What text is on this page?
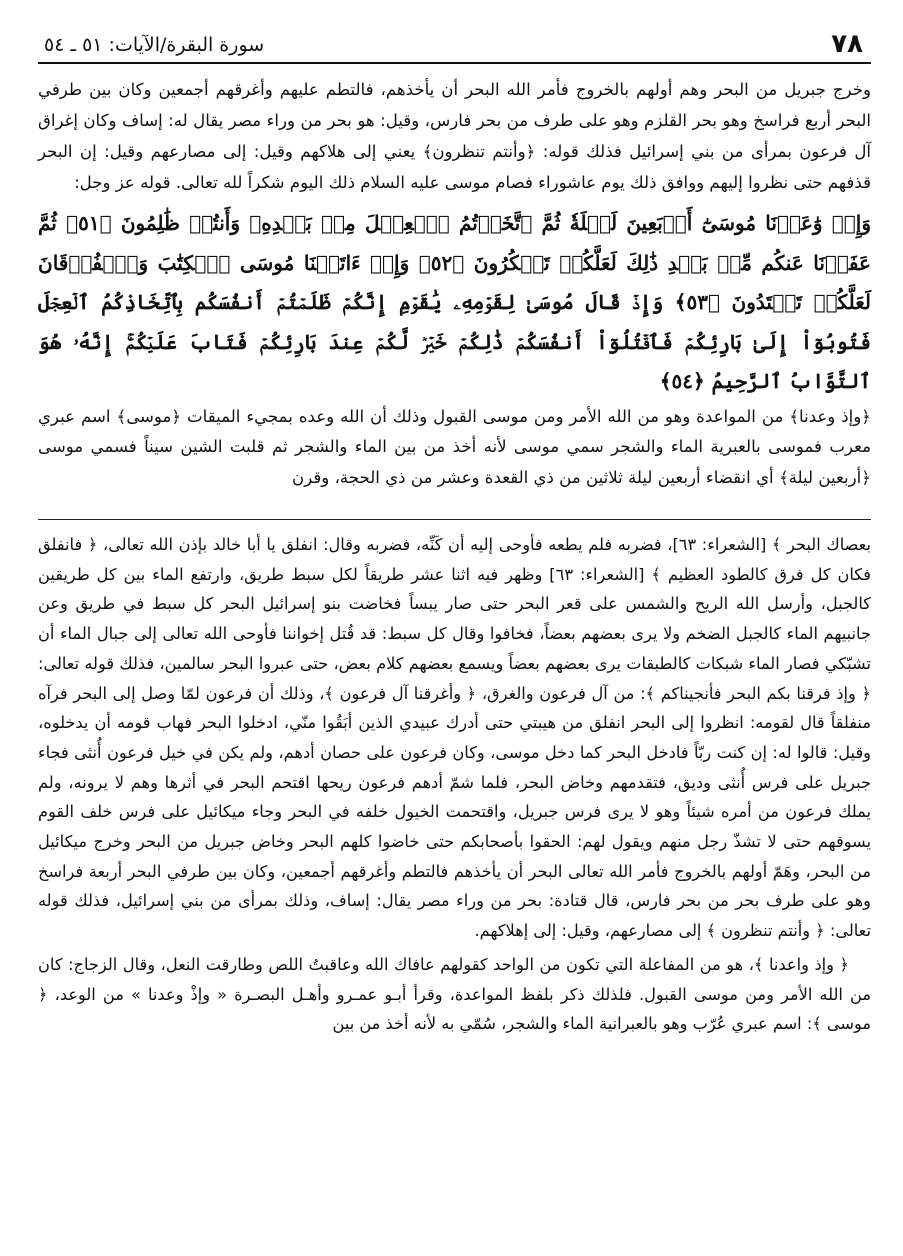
٧٨
سورة البقرة/الآيات: ٥١ ـ ٥٤

وخرج جبريل من البحر وهم أولهم بالخروج فأمر الله البحر أن يأخذهم، فالتطم عليهم وأغرقهم أجمعين وكان بين طرفي البحر أربع فراسخ وهو بحر القلزم وهو على طرف من بحر فارس، وقيل: هو بحر من وراء مصر يقال له: إساف وكان إغراق آل فرعون بمرأى من بني إسرائيل فذلك قوله: ﴿وأنتم تنظرون﴾ يعني إلى هلاكهم وقيل: إلى مصارعهم وقيل: إن البحر قذفهم حتى نظروا إليهم ووافق ذلك يوم عاشوراء فصام موسى عليه السلام ذلك اليوم شكراً لله تعالى. قوله عز وجل:

وَإِذۡ وَٰعَدۡنَا مُوسَىٰٓ أَرۡبَعِينَ لَيۡلَةٗ ثُمَّ ٱتَّخَذۡتُمُ ٱلۡعِجۡلَ مِنۢ بَعۡدِهِۦ وَأَنتُمۡ ظَٰلِمُونَ ﴿٥١﴾ ثُمَّ عَفَوۡنَا عَنكُم مِّنۢ بَعۡدِ ذَٰلِكَ لَعَلَّكُمۡ تَشۡكُرُونَ ﴿٥٢﴾ وَإِذۡ ءَاتَيۡنَا مُوسَى ٱلۡكِتَٰبَ وَٱلۡفُرۡقَانَ لَعَلَّكُمۡ تَهۡتَدُونَ ﴿٥٣﴾ وَإِذۡ قَالَ مُوسَىٰ لِقَوۡمِهِۦ يَٰقَوۡمِ إِنَّكُمۡ ظَلَمۡتُمۡ أَنفُسَكُم بِٱتِّخَاذِكُمُ ٱلۡعِجۡلَ فَتُوبُوٓاْ إِلَىٰ بَارِئِكُمۡ فَٱقۡتُلُوٓاْ أَنفُسَكُمۡ ذَٰلِكُمۡ خَيۡرٞ لَّكُمۡ عِندَ بَارِئِكُمۡ فَتَابَ عَلَيۡكُمۡۚ إِنَّهُۥ هُوَ ٱلتَّوَّابُ ٱلرَّحِيمُ ﴿٥٤﴾

﴿وإذ وعدنا﴾ من المواعدة وهو من الله الأمر ومن موسى القبول وذلك أن الله وعده بمجيء الميقات ﴿موسى﴾ اسم عبري معرب فموسى بالعبرية الماء والشجر سمي موسى لأنه أخذ من بين الماء والشجر ثم قلبت الشين سيناً فسمي موسى ﴿أربعين ليلة﴾ أي انقضاء أربعين ليلة ثلاثين من ذي القعدة وعشر من ذي الحجة، وقرن

بعصاك البحر ﴾ [الشعراء: ٦٣]، فضربه فلم يطعه فأوحى إليه أن كَنِّه، فضربه وقال: انفلق يا أبا خالد بإذن الله تعالى، ﴿ فانفلق فكان كل فرق كالطود العظيم ﴾ [الشعراء: ٦٣] وظهر فيه اثنا عشر طريقاً لكل سبط طريق، وارتفع الماء بين كل طريقين كالجبل، وأرسل الله الريح والشمس على قعر البحر حتى صار يبساً فخاضت بنو إسرائيل البحر كل سبط في طريق وعن جانبيهم الماء كالجبل الضخم ولا يرى بعضهم بعضاً، فخافوا وقال كل سبط: قد قُتل إخواننا فأوحى الله تعالى إلى جبال الماء أن تشبّكي فصار الماء شبكات كالطبقات يرى بعضهم بعضاً ويسمع بعضهم كلام بعض، حتى عبروا البحر سالمين، فذلك قوله تعالى: ﴿ وإذ فرقنا بكم البحر فأنجيناكم ﴾: من آل فرعون والغرق، ﴿ وأغرقنا آل فرعون ﴾، وذلك أن فرعون لمّا وصل إلى البحر فرآه منفلقاً قال لقومه: انظروا إلى البحر انفلق من هيبتي حتى أدرك عبيدي الذين أبَقُوا منّي، ادخلوا البحر فهاب قومه أن يدخلوه، وقيل: قالوا له: إن كنت ربّاً فادخل البحر كما دخل موسى، وكان فرعون على حصان أدهم، ولم يكن في خيل فرعون أُنثى فجاء جبريل على فرس أُنثى وديق، فتقدمهم وخاض البحر، فلما شمّ أدهم فرعون ريحها اقتحم البحر في أثرها وهم لا يرونه، ولم يملك فرعون من أمره شيئاً وهو لا يرى فرس جبريل، واقتحمت الخيول خلفه في البحر وجاء ميكائيل على فرس خلف القوم يسوقهم حتى لا تشذّ رجل منهم ويقول لهم: الحقوا بأصحابكم حتى خاضوا كلهم البحر وخاض جبريل من البحر وخرج ميكائيل من البحر، وهَمّ أولهم بالخروج فأمر الله تعالى البحر أن يأخذهم فالتطم وأغرقهم أجمعين، وكان بين طرفي البحر أربعة فراسخ وهو على طرف بحر من بحر فارس، قال قتادة: بحر من وراء مصر يقال: إساف، وذلك بمرأى من بني إسرائيل، فذلك قوله تعالى: ﴿ وأنتم تنظرون ﴾ إلى مصارعهم، وقيل: إلى إهلاكهم.

﴿ وإذ واعدنا ﴾، هو من المفاعلة التي تكون من الواحد كقولهم عافاك الله وعاقبتُ اللص وطارقت النعل، وقال الزجاج: كان من الله الأمر ومن موسى القبول. فلذلك ذكر بلفظ المواعدة، وقرأ أبـو عمـرو وأهـل البصـرة « وإذْ وعدنا » من الوعد، ﴿ موسى ﴾: اسم عبري عُرّب وهو بالعبرانية الماء والشجر، سُمّي به لأنه أخذ من بين
